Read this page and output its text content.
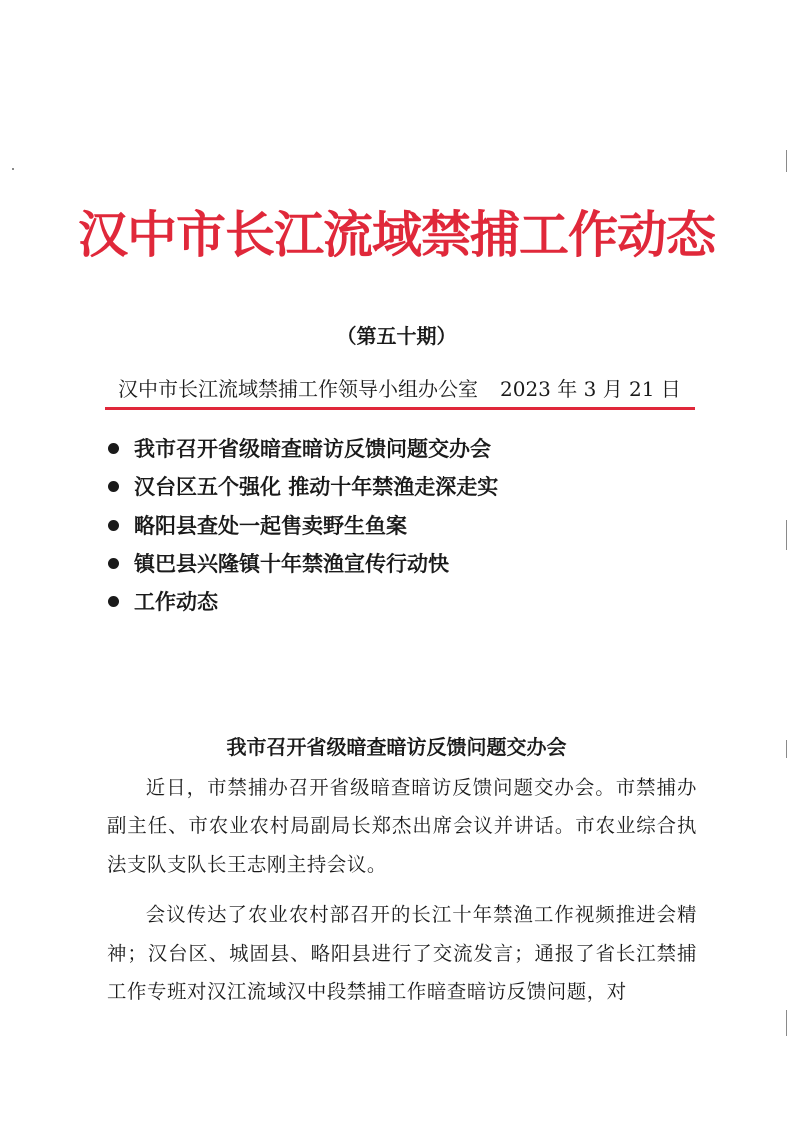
汉中市长江流域禁捕工作动态
（第五十期）
汉中市长江流域禁捕工作领导小组办公室 2023 年 3 月 21 日
我市召开省级暗查暗访反馈问题交办会
汉台区五个强化 推动十年禁渔走深走实
略阳县查处一起售卖野生鱼案
镇巴县兴隆镇十年禁渔宣传行动快
工作动态
我市召开省级暗查暗访反馈问题交办会

近日，市禁捕办召开省级暗查暗访反馈问题交办会。市禁捕办副主任、市农业农村局副局长郑杰出席会议并讲话。市农业综合执法支队支队长王志刚主持会议。

会议传达了农业农村部召开的长江十年禁渔工作视频推进会精神；汉台区、城固县、略阳县进行了交流发言；通报了省长江禁捕工作专班对汉江流域汉中段禁捕工作暗查暗访反馈问题，对
